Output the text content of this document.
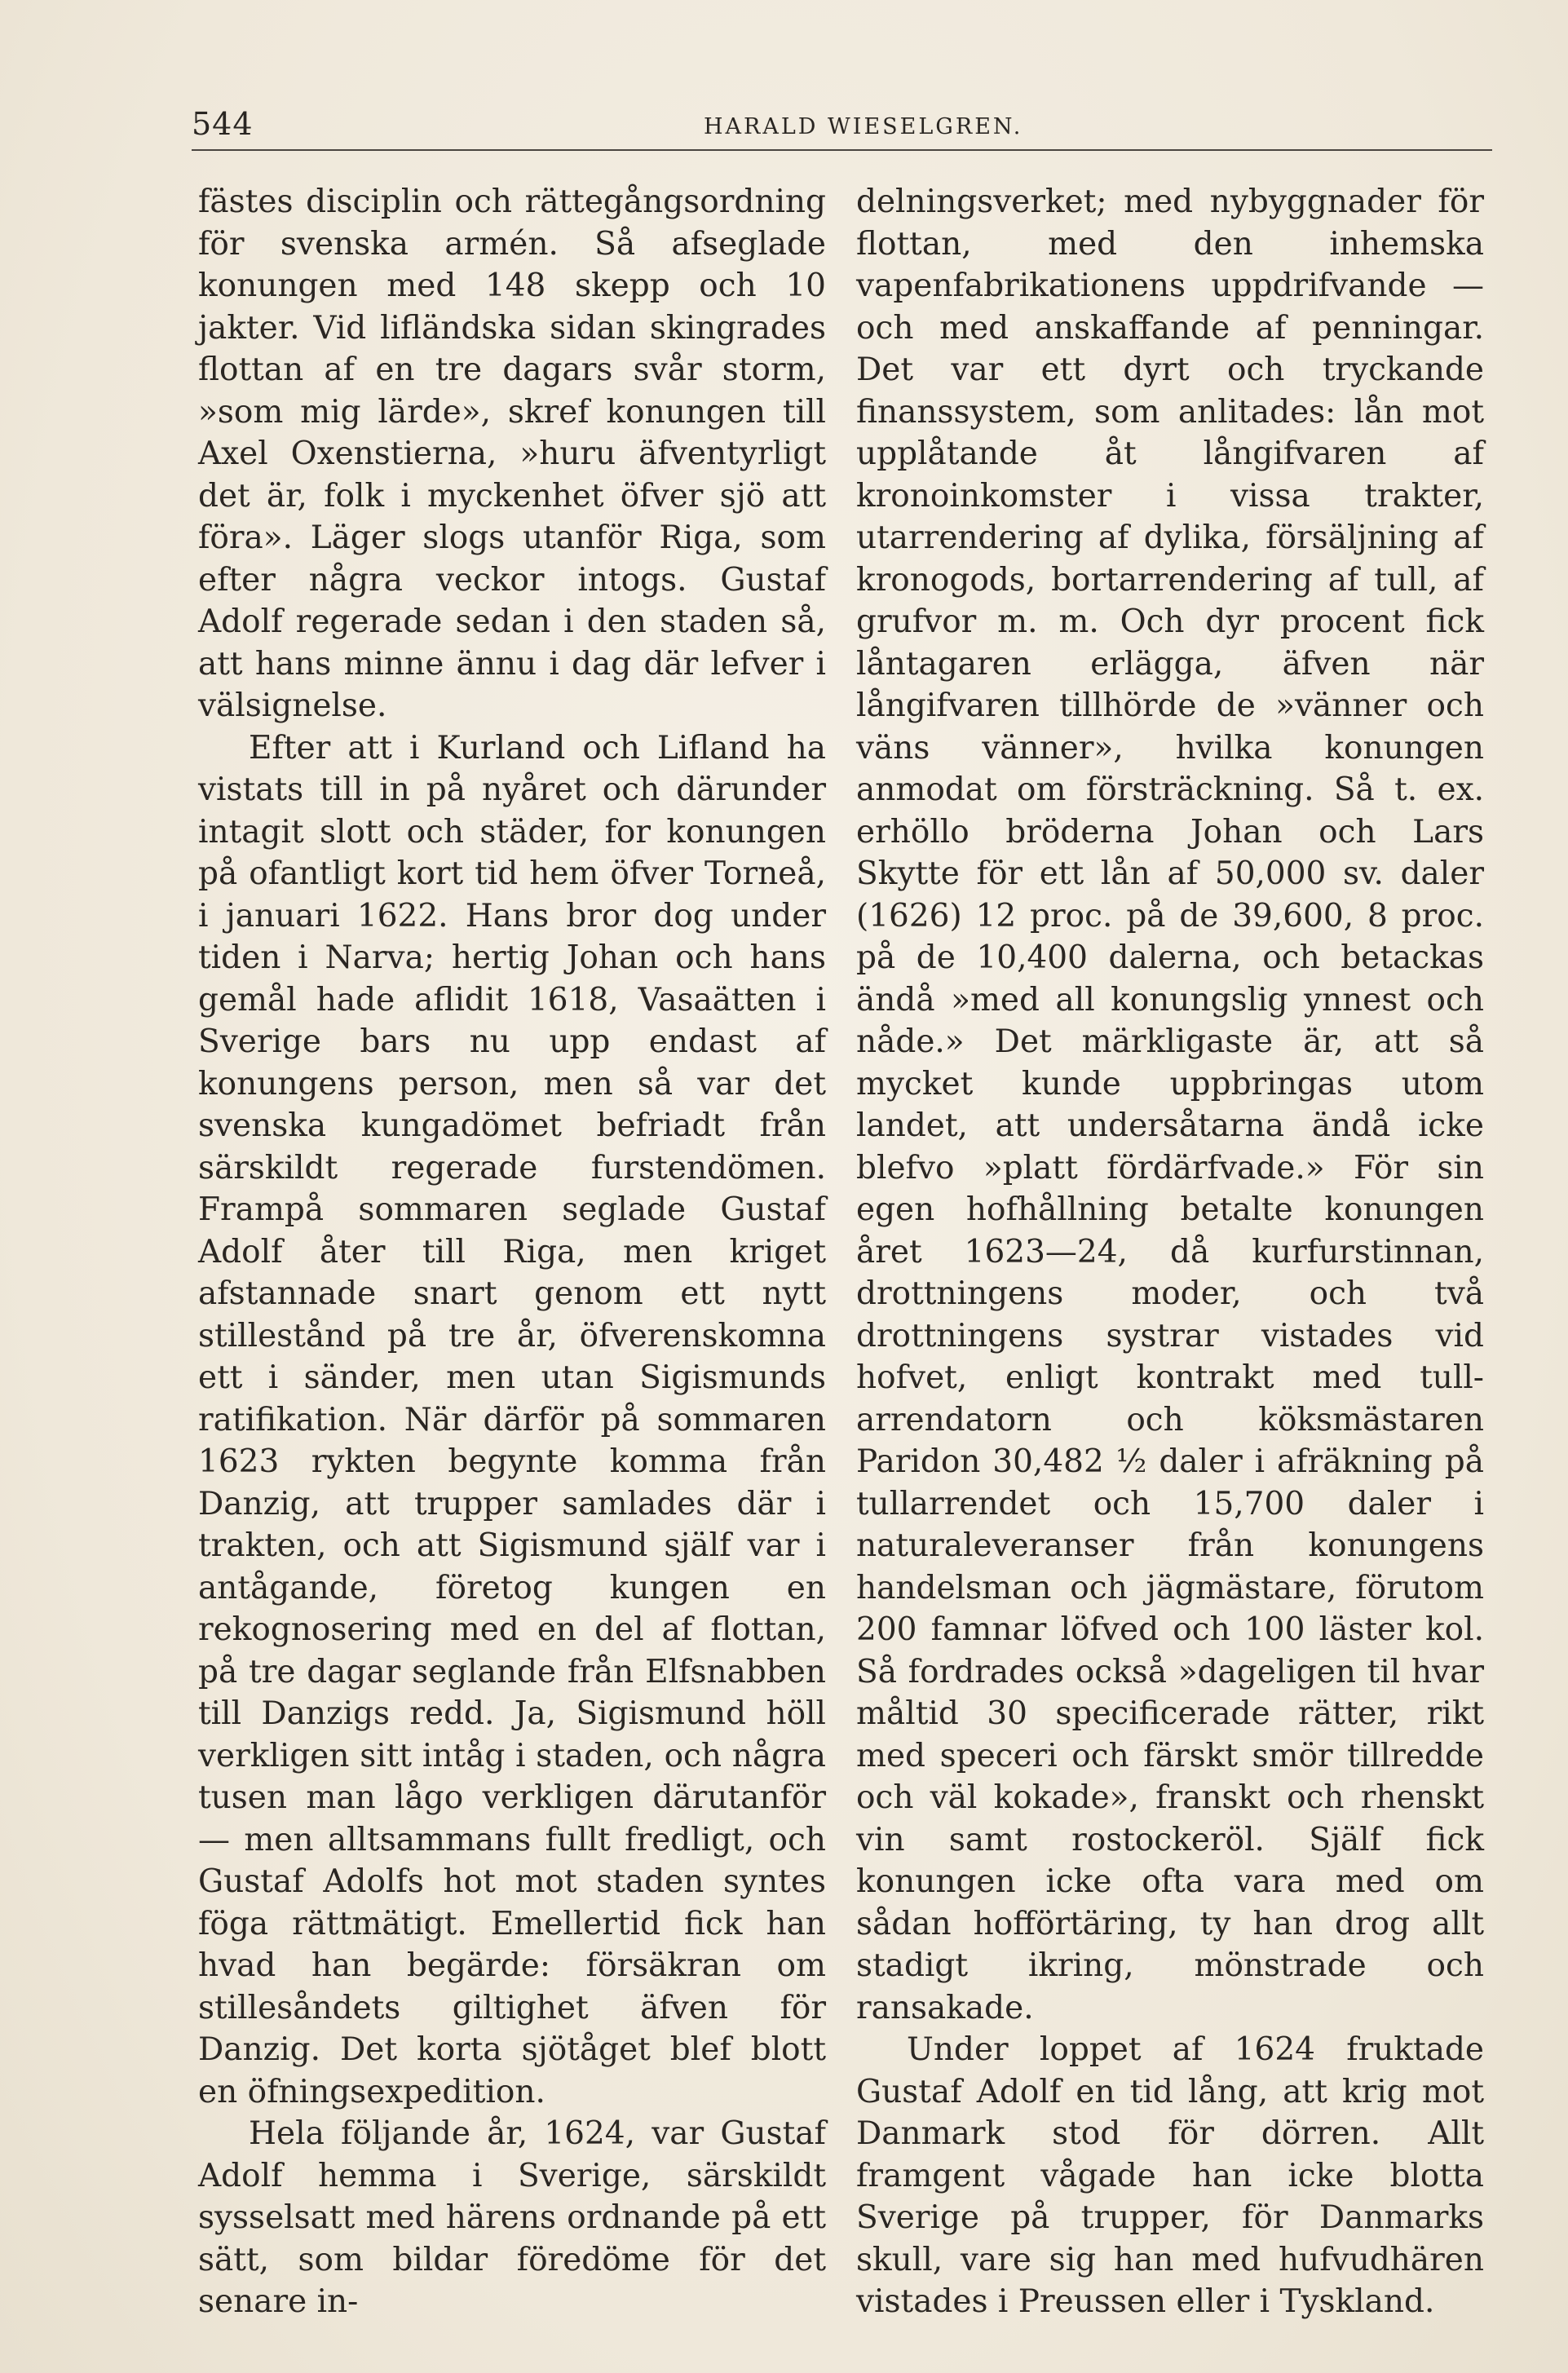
544	HARALD WIESELGREN.

fästes disciplin och rättegångsordning för svenska armén. Så afseglade konungen med 148 skepp och 10 jakter. Vid lifländska sidan skingrades flottan af en tre dagars svår storm, »som mig lärde», skref konungen till Axel Oxenstierna, »huru äfventyrligt det är, folk i myckenhet öfver sjö att föra». Läger slogs utanför Riga, som efter några veckor intogs. Gustaf Adolf regerade sedan i den staden så, att hans minne ännu i dag där lefver i välsignelse.

Efter att i Kurland och Lifland ha vistats till in på nyåret och därunder intagit slott och städer, for konungen på ofantligt kort tid hem öfver Torneå, i januari 1622. Hans bror dog under tiden i Narva; hertig Johan och hans gemål hade aflidit 1618, Vasaätten i Sverige bars nu upp endast af konungens person, men så var det svenska kungadömet befriadt från särskildt regerade furstendömen. Frampå sommaren seglade Gustaf Adolf åter till Riga, men kriget afstannade snart genom ett nytt stillestånd på tre år, öfverenskomna ett i sänder, men utan Sigismunds ratifikation. När därför på sommaren 1623 rykten begynte komma från Danzig, att trupper samlades där i trakten, och att Sigismund själf var i antågande, företog kungen en rekognosering med en del af flottan, på tre dagar seglande från Elfsnabben till Danzigs redd. Ja, Sigismund höll verkligen sitt intåg i staden, och några tusen man lågo verkligen därutanför — men alltsammans fullt fredligt, och Gustaf Adolfs hot mot staden syntes föga rättmätigt. Emellertid fick han hvad han begärde: försäkran om stillesåndets giltighet äfven för Danzig. Det korta sjötåget blef blott en öfningsexpedition.

Hela följande år, 1624, var Gustaf Adolf hemma i Sverige, särskildt sysselsatt med härens ordnande på ett sätt, som bildar föredöme för det senare in-

delningsverket; med nybyggnader för flottan, med den inhemska vapenfabrikationens uppdrifvande — och med anskaffande af penningar. Det var ett dyrt och tryckande finanssystem, som anlitades: lån mot upplåtande åt långifvaren af kronoinkomster i vissa trakter, utarrendering af dylika, försäljning af kronogods, bortarrendering af tull, af grufvor m. m. Och dyr procent fick låntagaren erlägga, äfven när långifvaren tillhörde de »vänner och väns vänner», hvilka konungen anmodat om försträckning. Så t. ex. erhöllo bröderna Johan och Lars Skytte för ett lån af 50,000 sv. daler (1626) 12 proc. på de 39,600, 8 proc. på de 10,400 dalerna, och betackas ändå »med all konungslig ynnest och nåde.» Det märkligaste är, att så mycket kunde uppbringas utom landet, att undersåtarna ändå icke blefvo »platt fördärfvade.» För sin egen hofhållning betalte konungen året 1623—24, då kurfurstinnan, drottningens moder, och två drottningens systrar vistades vid hofvet, enligt kontrakt med tull-arrendatorn och köksmästaren Paridon 30,482 ½ daler i afräkning på tullarrendet och 15,700 daler i naturaleveranser från konungens handelsman och jägmästare, förutom 200 famnar löfved och 100 läster kol. Så fordrades också »dageligen til hvar måltid 30 specificerade rätter, rikt med speceri och färskt smör tillredde och väl kokade», franskt och rhenskt vin samt rostockeröl. Själf fick konungen icke ofta vara med om sådan hofförtäring, ty han drog allt stadigt ikring, mönstrade och ransakade.

Under loppet af 1624 fruktade Gustaf Adolf en tid lång, att krig mot Danmark stod för dörren. Allt framgent vågade han icke blotta Sverige på trupper, för Danmarks skull, vare sig han med hufvudhären vistades i Preussen eller i Tyskland.
